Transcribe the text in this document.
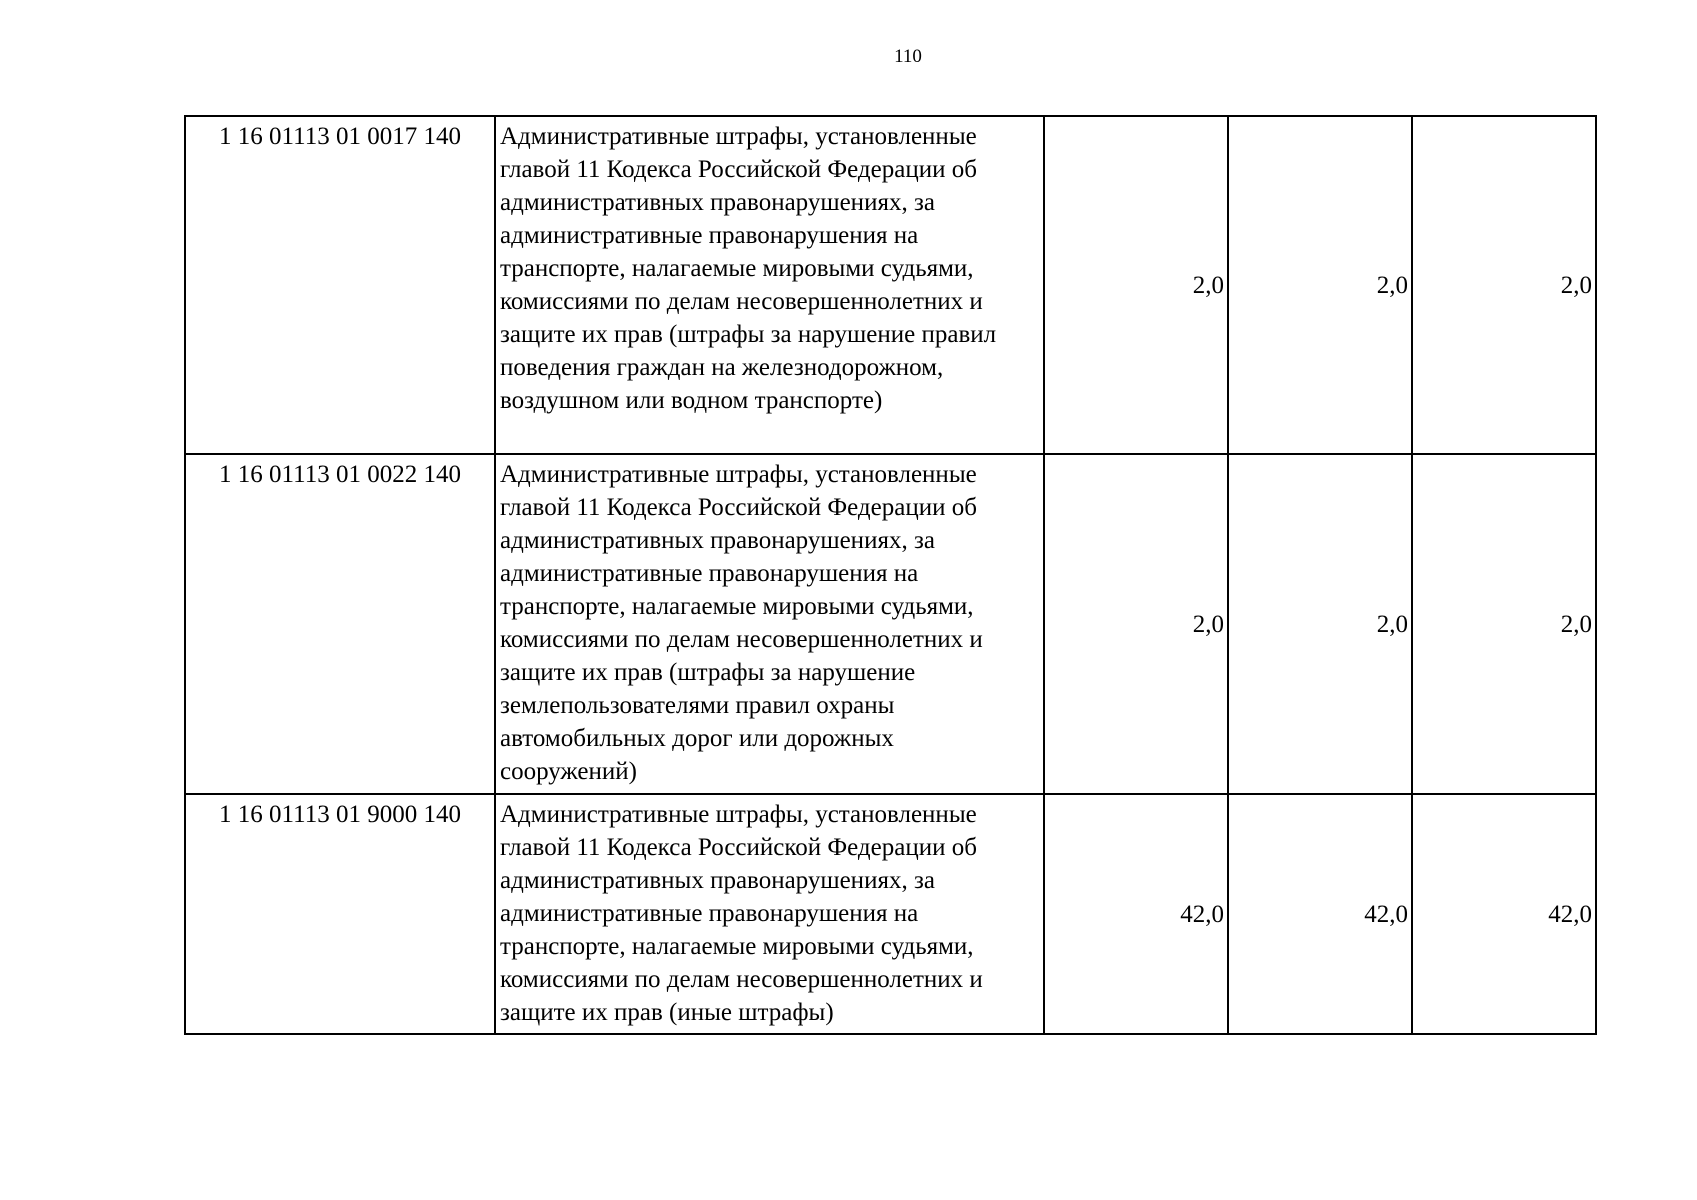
110
1 16 01113 01 0017 140	Административные штрафы, установленные главой 11 Кодекса Российской Федерации об административных правонарушениях, за административные правонарушения на транспорте, налагаемые мировыми судьями, комиссиями по делам несовершеннолетних и защите их прав (штрафы за нарушение правил поведения граждан на железнодорожном, воздушном или водном транспорте)	2,0	2,0	2,0
1 16 01113 01 0022 140	Административные штрафы, установленные главой 11 Кодекса Российской Федерации об административных правонарушениях, за административные правонарушения на транспорте, налагаемые мировыми судьями, комиссиями по делам несовершеннолетних и защите их прав (штрафы за нарушение землепользователями правил охраны автомобильных дорог или дорожных сооружений)	2,0	2,0	2,0
1 16 01113 01 9000 140	Административные штрафы, установленные главой 11 Кодекса Российской Федерации об административных правонарушениях, за административные правонарушения на транспорте, налагаемые мировыми судьями, комиссиями по делам несовершеннолетних и защите их прав (иные штрафы)	42,0	42,0	42,0
